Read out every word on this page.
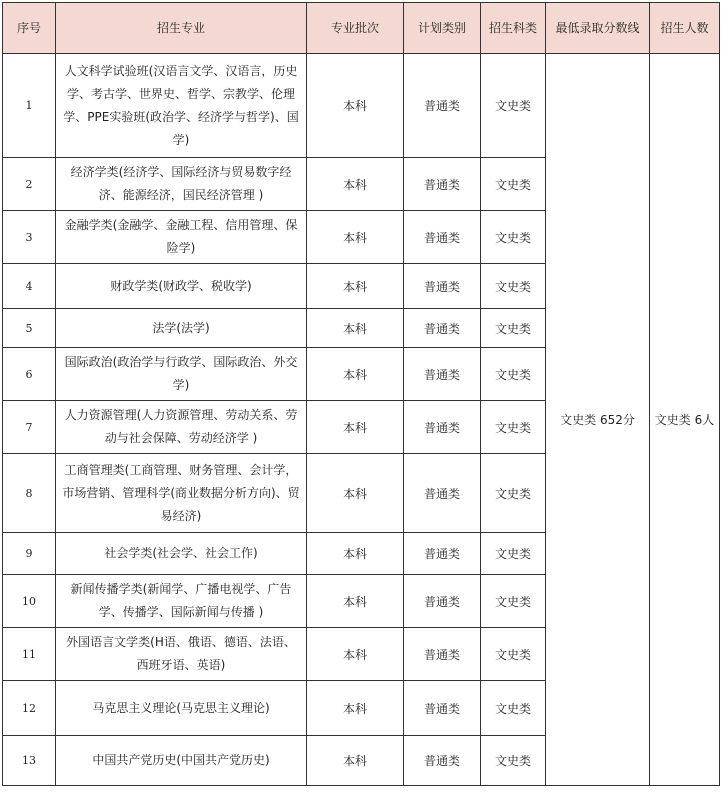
序号	招生专业	专业批次	计划类别	招生科类	最低录取分数线	招生人数
1	人文科学试验班(汉语言文学、汉语言，历史学、考古学、世界史、哲学、宗教学、伦理学、PPE实验班(政治学、经济学与哲学)、国学)	本科	普通类	文史类	文史类 652分	文史类 6人
2	经济学类(经济学、国际经济与贸易数字经济、能源经济，国民经济管理 )	本科	普通类	文史类		
3	金融学类(金融学、金融工程、信用管理、保险学)	本科	普通类	文史类		
4	财政学类(财政学、税收学)	本科	普通类	文史类		
5	法学(法学)	本科	普通类	文史类		
6	国际政治(政治学与行政学、国际政治、外交学)	本科	普通类	文史类		
7	人力资源管理(人力资源管理、劳动关系、劳动与社会保障、劳动经济学 )	本科	普通类	文史类		
8	工商管理类(工商管理、财务管理、会计学，市场营销、管理科学(商业数据分析方向)、贸易经济)	本科	普通类	文史类		
9	社会学类(社会学、社会工作)	本科	普通类	文史类		
10	新闻传播学类(新闻学、广播电视学、广告学、传播学、国际新闻与传播 )	本科	普通类	文史类		
11	外国语言文学类(H语、俄语、德语、法语、西班牙语、英语)	本科	普通类	文史类		
12	马克思主义理论(马克思主义理论)	本科	普通类	文史类		
13	中国共产党历史(中国共产党历史)	本科	普通类	文史类		
